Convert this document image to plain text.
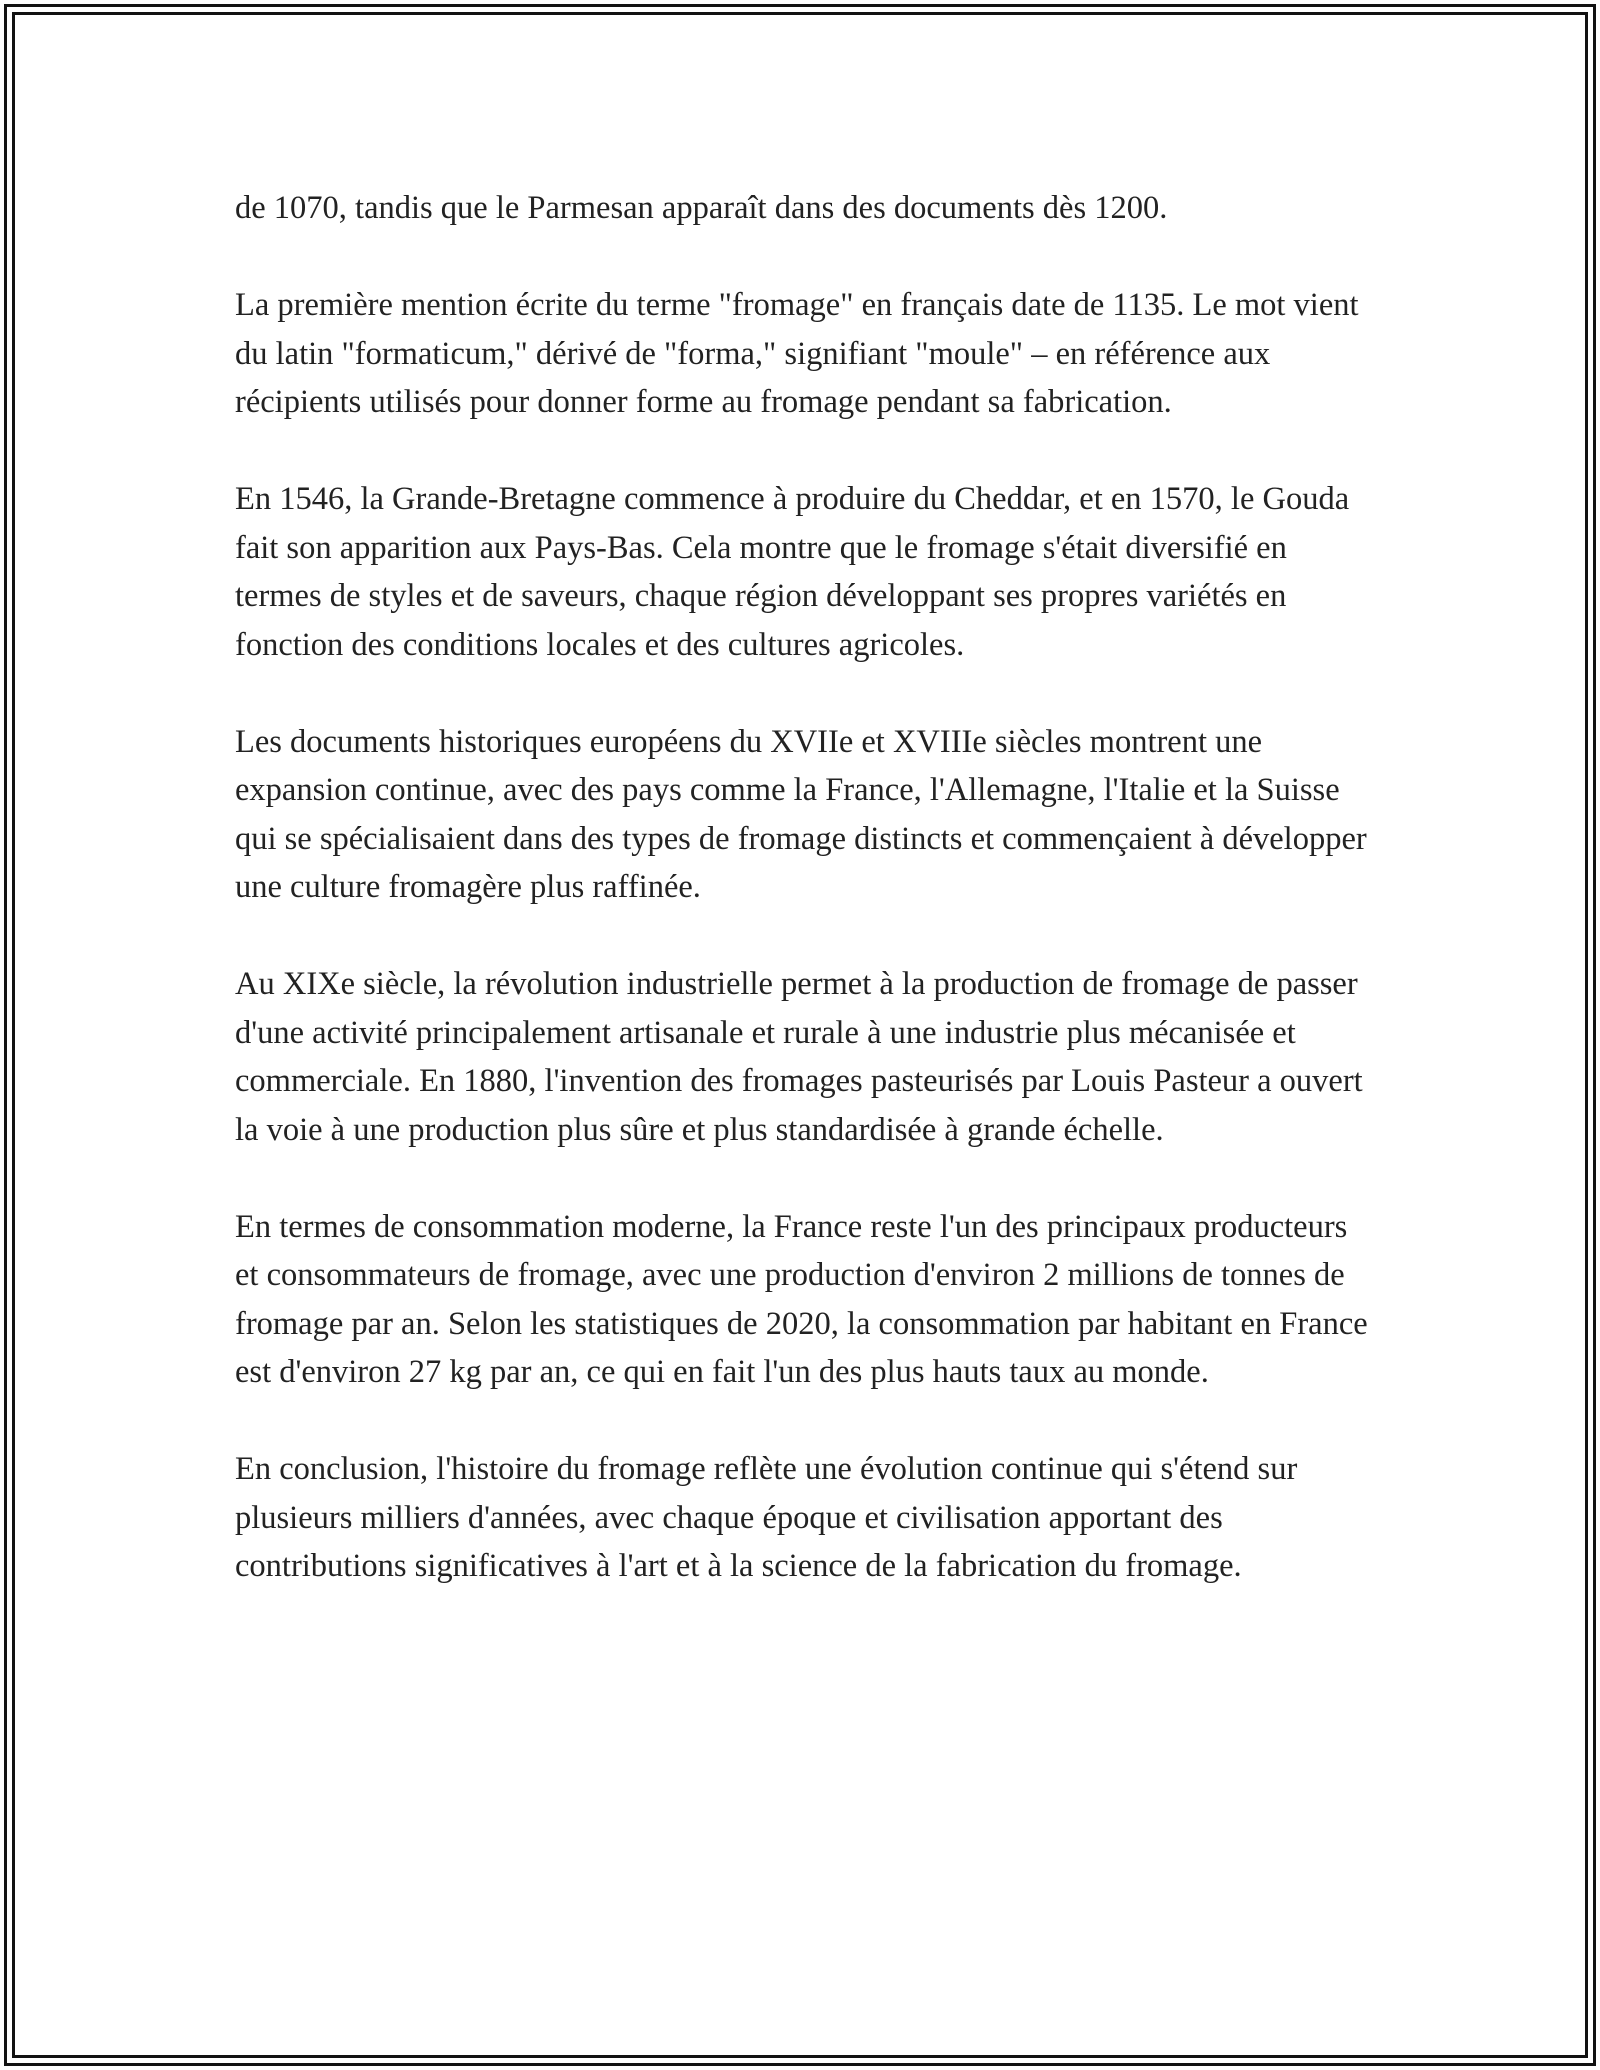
de 1070, tandis que le Parmesan apparaît dans des documents dès 1200.

La première mention écrite du terme "fromage" en français date de 1135. Le mot vient du latin "formaticum," dérivé de "forma," signifiant "moule" – en référence aux récipients utilisés pour donner forme au fromage pendant sa fabrication.

En 1546, la Grande-Bretagne commence à produire du Cheddar, et en 1570, le Gouda fait son apparition aux Pays-Bas. Cela montre que le fromage s'était diversifié en termes de styles et de saveurs, chaque région développant ses propres variétés en fonction des conditions locales et des cultures agricoles.

Les documents historiques européens du XVIIe et XVIIIe siècles montrent une expansion continue, avec des pays comme la France, l'Allemagne, l'Italie et la Suisse qui se spécialisaient dans des types de fromage distincts et commençaient à développer une culture fromagère plus raffinée.

Au XIXe siècle, la révolution industrielle permet à la production de fromage de passer d'une activité principalement artisanale et rurale à une industrie plus mécanisée et commerciale. En 1880, l'invention des fromages pasteurisés par Louis Pasteur a ouvert la voie à une production plus sûre et plus standardisée à grande échelle.

En termes de consommation moderne, la France reste l'un des principaux producteurs et consommateurs de fromage, avec une production d'environ 2 millions de tonnes de fromage par an. Selon les statistiques de 2020, la consommation par habitant en France est d'environ 27 kg par an, ce qui en fait l'un des plus hauts taux au monde.

En conclusion, l'histoire du fromage reflète une évolution continue qui s'étend sur plusieurs milliers d'années, avec chaque époque et civilisation apportant des contributions significatives à l'art et à la science de la fabrication du fromage.
